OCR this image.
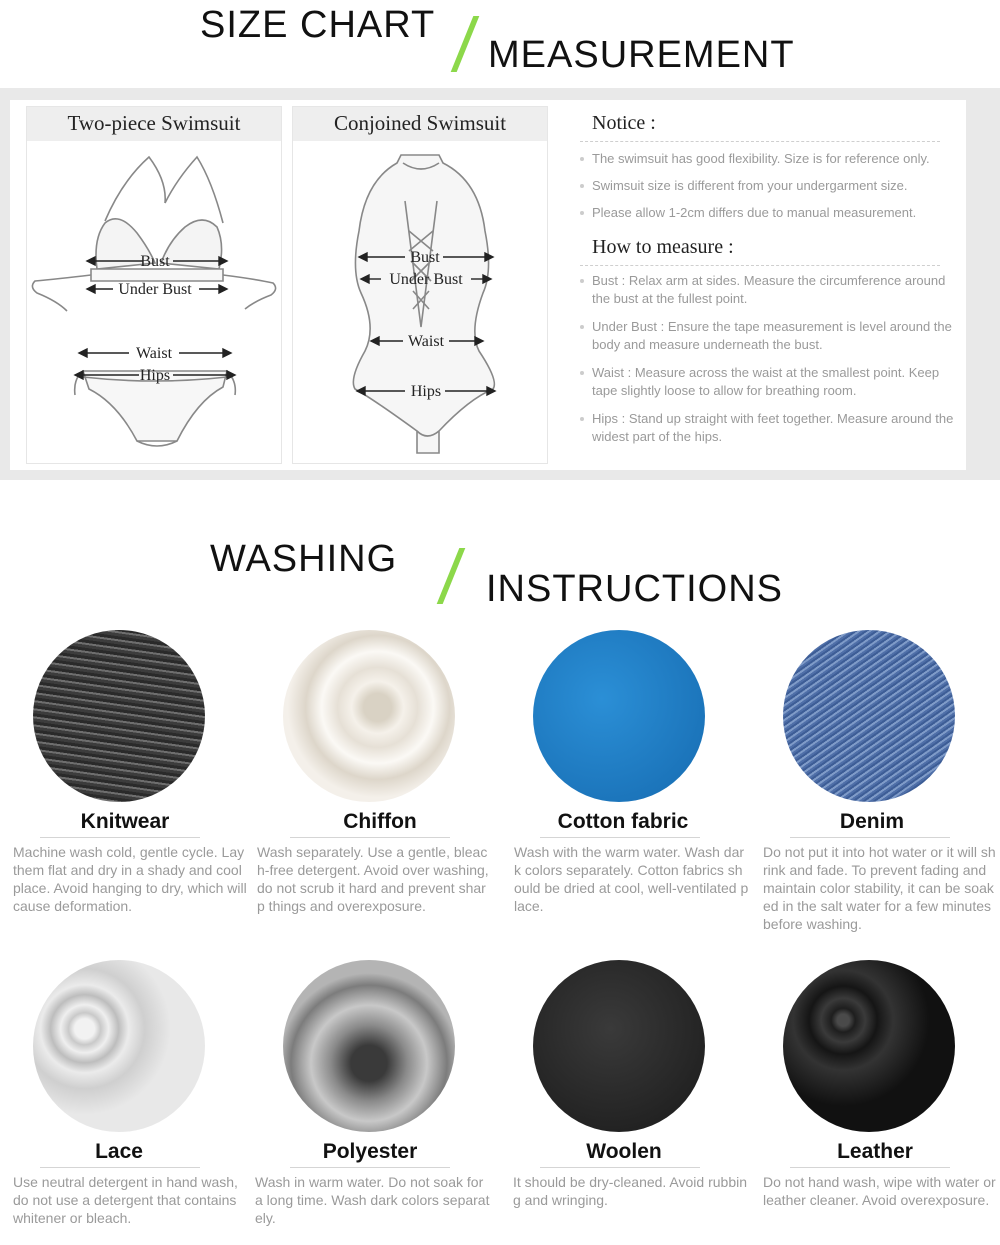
SIZE CHART
MEASUREMENT
Two-piece Swimsuit
Bust
Under Bust
Waist
Hips
Conjoined Swimsuit
Bust
Under Bust
Waist
Hips
Notice :
The swimsuit has good flexibility. Size is for reference only.
Swimsuit size is different from your undergarment size.
Please allow 1-2cm differs due to manual measurement.
How to measure :
Bust : Relax arm at sides. Measure the circumference around the bust at the fullest point.
Under Bust : Ensure the tape measurement is level around the body and measure underneath the bust.
Waist : Measure across the waist at the smallest point. Keep tape slightly loose to allow for breathing room.
Hips : Stand up straight with feet together. Measure around the widest part of the hips.
WASHING
INSTRUCTIONS
Knitwear
Machine wash cold, gentle cycle. Lay them flat and dry in a shady and cool place. Avoid hanging to dry, which will cause deformation.
Chiffon
Wash separately. Use a gentle, bleach-free detergent. Avoid over washing, do not scrub it hard and prevent sharp things and overexposure.
Cotton fabric
Wash with the warm water. Wash dark colors separately. Cotton fabrics should be dried at cool, well-ventilated place.
Denim
Do not put it into hot water or it will shrink and fade. To prevent fading and maintain color stability, it can be soaked in the salt water for a few minutes before washing.
Lace
Use neutral detergent in hand wash, do not use a detergent that contains whitener or bleach.
Polyester
Wash in warm water. Do not soak for a long time. Wash dark colors separately.
Woolen
It should be dry-cleaned. Avoid rubbing and wringing.
Leather
Do not hand wash, wipe with water or leather cleaner. Avoid overexposure.
